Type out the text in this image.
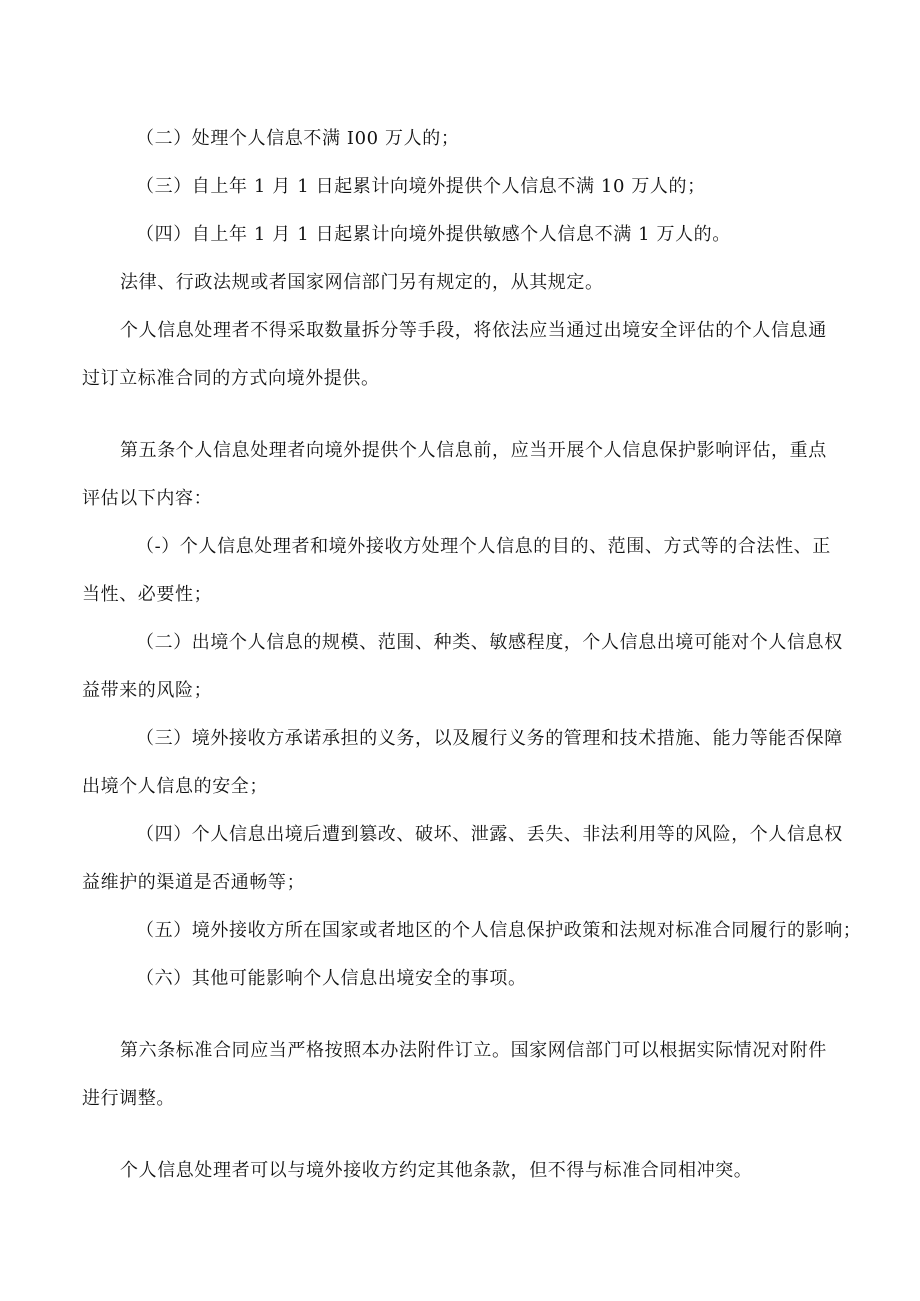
（二）处理个人信息不满 I00 万人的；
（三）自上年 1 月 1 日起累计向境外提供个人信息不满 10 万人的；
（四）自上年 1 月 1 日起累计向境外提供敏感个人信息不满 1 万人的。
法律、行政法规或者国家网信部门另有规定的，从其规定。
个人信息处理者不得采取数量拆分等手段，将依法应当通过出境安全评估的个人信息通
过订立标准合同的方式向境外提供。
第五条个人信息处理者向境外提供个人信息前，应当开展个人信息保护影响评估，重点
评估以下内容：
（-）个人信息处理者和境外接收方处理个人信息的目的、范围、方式等的合法性、正
当性、必要性；
（二）出境个人信息的规模、范围、种类、敏感程度，个人信息出境可能对个人信息权
益带来的风险；
（三）境外接收方承诺承担的义务，以及履行义务的管理和技术措施、能力等能否保障
出境个人信息的安全；
（四）个人信息出境后遭到篡改、破坏、泄露、丢失、非法利用等的风险，个人信息权
益维护的渠道是否通畅等；
（五）境外接收方所在国家或者地区的个人信息保护政策和法规对标准合同履行的影响；
（六）其他可能影响个人信息出境安全的事项。
第六条标准合同应当严格按照本办法附件订立。国家网信部门可以根据实际情况对附件
进行调整。
个人信息处理者可以与境外接收方约定其他条款，但不得与标准合同相冲突。
